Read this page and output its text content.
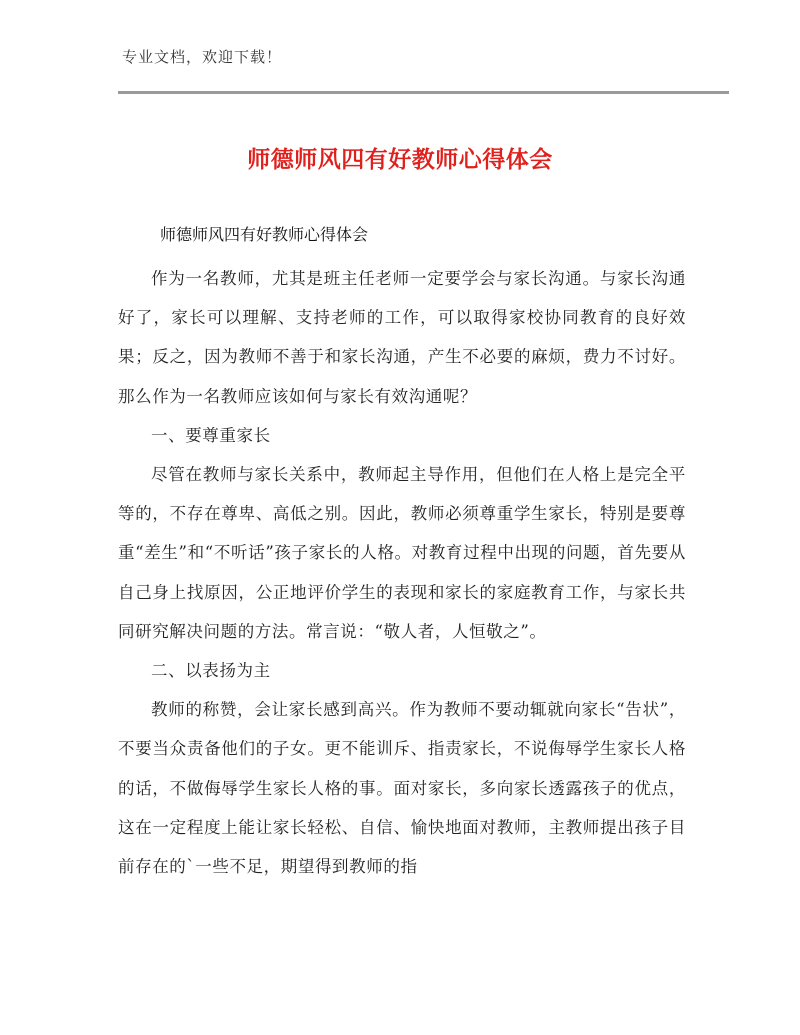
专业文档，欢迎下载！
师德师风四有好教师心得体会
师德师风四有好教师心得体会

作为一名教师，尤其是班主任老师一定要学会与家长沟通。与家长沟通好了，家长可以理解、支持老师的工作，可以取得家校协同教育的良好效果；反之，因为教师不善于和家长沟通，产生不必要的麻烦，费力不讨好。那么作为一名教师应该如何与家长有效沟通呢？

一、要尊重家长

尽管在教师与家长关系中，教师起主导作用，但他们在人格上是完全平等的，不存在尊卑、高低之别。因此，教师必须尊重学生家长，特别是要尊重“差生”和“不听话”孩子家长的人格。对教育过程中出现的问题，首先要从自己身上找原因，公正地评价学生的表现和家长的家庭教育工作，与家长共同研究解决问题的方法。常言说：“敬人者，人恒敬之”。

二、以表扬为主

教师的称赞，会让家长感到高兴。作为教师不要动辄就向家长“告状”，不要当众责备他们的子女。更不能训斥、指责家长，不说侮辱学生家长人格的话，不做侮辱学生家长人格的事。面对家长，多向家长透露孩子的优点，这在一定程度上能让家长轻松、自信、愉快地面对教师，主教师提出孩子目前存在的`一些不足，期望得到教师的指
